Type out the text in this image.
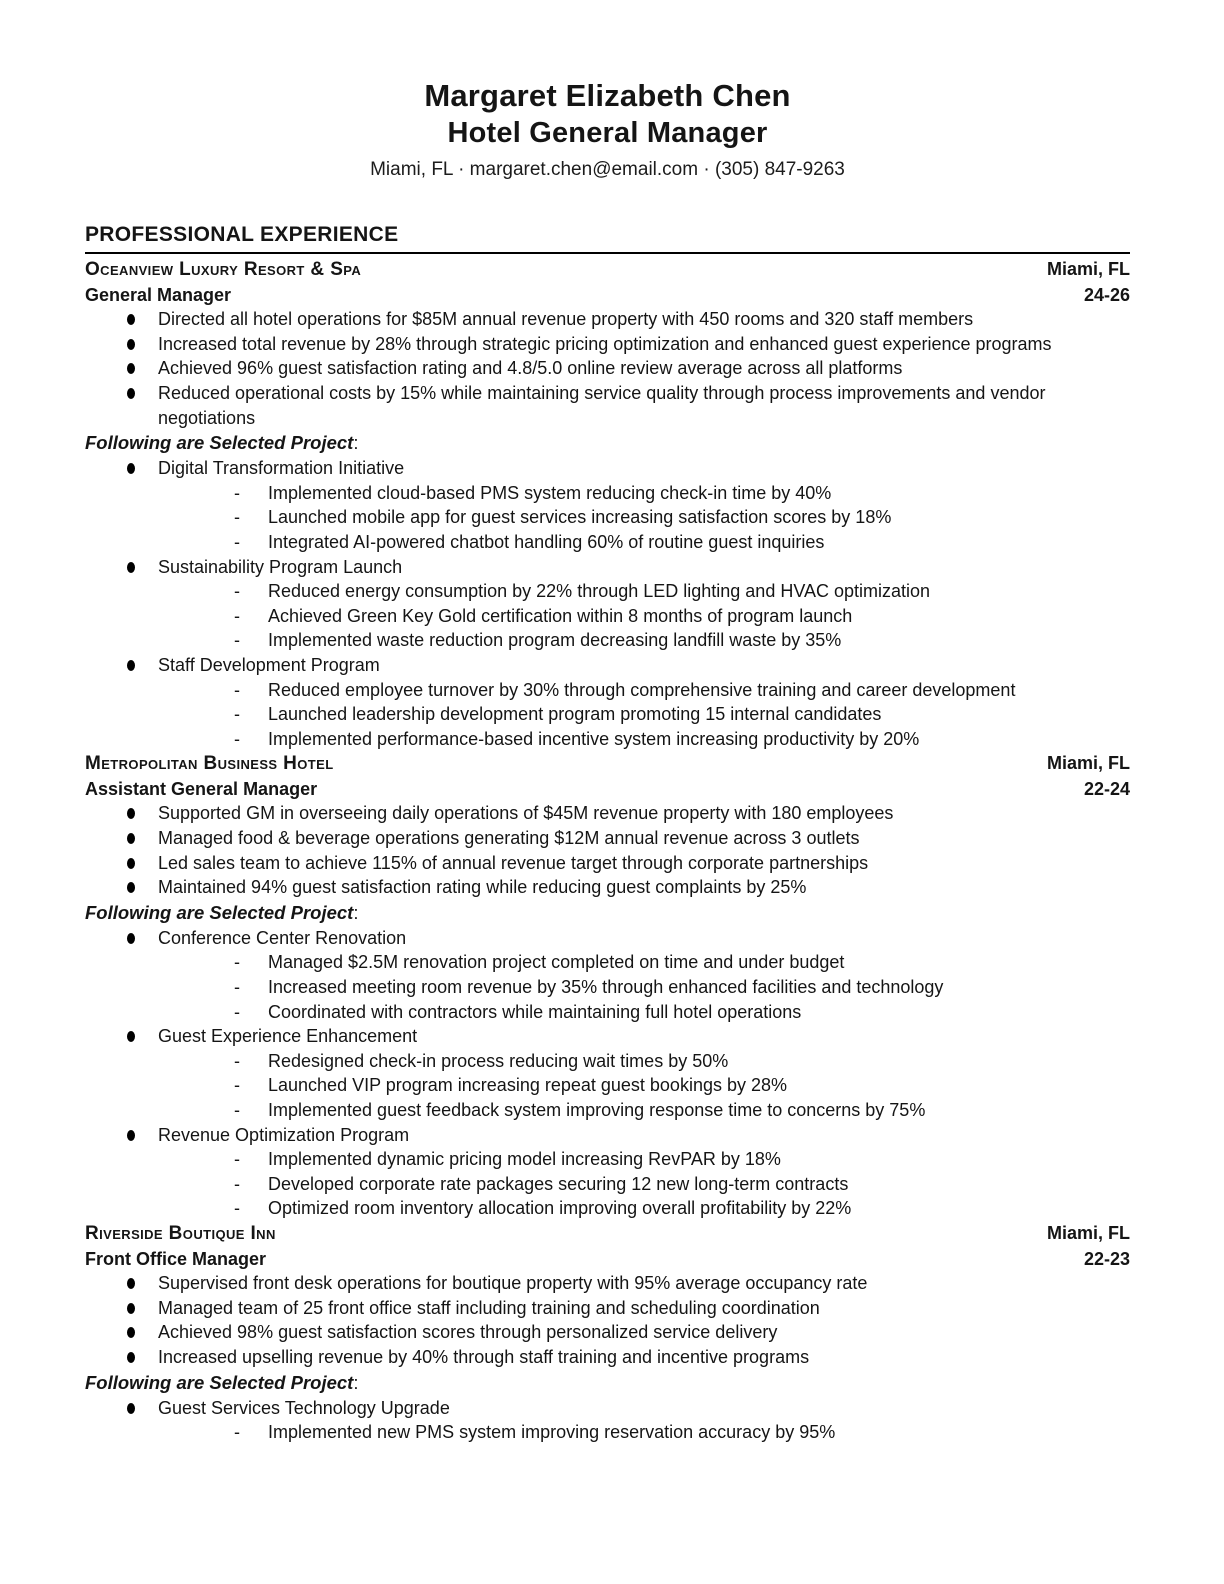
Margaret Elizabeth Chen
Hotel General Manager
Miami, FL · margaret.chen@email.com · (305) 847-9263
PROFESSIONAL EXPERIENCE
Oceanview Luxury Resort & Spa	Miami, FL
General Manager	24-26
Directed all hotel operations for $85M annual revenue property with 450 rooms and 320 staff members
Increased total revenue by 28% through strategic pricing optimization and enhanced guest experience programs
Achieved 96% guest satisfaction rating and 4.8/5.0 online review average across all platforms
Reduced operational costs by 15% while maintaining service quality through process improvements and vendor negotiations
Following are Selected Project:
Digital Transformation Initiative
- Implemented cloud-based PMS system reducing check-in time by 40%
- Launched mobile app for guest services increasing satisfaction scores by 18%
- Integrated AI-powered chatbot handling 60% of routine guest inquiries
Sustainability Program Launch
- Reduced energy consumption by 22% through LED lighting and HVAC optimization
- Achieved Green Key Gold certification within 8 months of program launch
- Implemented waste reduction program decreasing landfill waste by 35%
Staff Development Program
- Reduced employee turnover by 30% through comprehensive training and career development
- Launched leadership development program promoting 15 internal candidates
- Implemented performance-based incentive system increasing productivity by 20%
Metropolitan Business Hotel	Miami, FL
Assistant General Manager	22-24
Supported GM in overseeing daily operations of $45M revenue property with 180 employees
Managed food & beverage operations generating $12M annual revenue across 3 outlets
Led sales team to achieve 115% of annual revenue target through corporate partnerships
Maintained 94% guest satisfaction rating while reducing guest complaints by 25%
Following are Selected Project:
Conference Center Renovation
- Managed $2.5M renovation project completed on time and under budget
- Increased meeting room revenue by 35% through enhanced facilities and technology
- Coordinated with contractors while maintaining full hotel operations
Guest Experience Enhancement
- Redesigned check-in process reducing wait times by 50%
- Launched VIP program increasing repeat guest bookings by 28%
- Implemented guest feedback system improving response time to concerns by 75%
Revenue Optimization Program
- Implemented dynamic pricing model increasing RevPAR by 18%
- Developed corporate rate packages securing 12 new long-term contracts
- Optimized room inventory allocation improving overall profitability by 22%
Riverside Boutique Inn	Miami, FL
Front Office Manager	22-23
Supervised front desk operations for boutique property with 95% average occupancy rate
Managed team of 25 front office staff including training and scheduling coordination
Achieved 98% guest satisfaction scores through personalized service delivery
Increased upselling revenue by 40% through staff training and incentive programs
Following are Selected Project:
Guest Services Technology Upgrade
- Implemented new PMS system improving reservation accuracy by 95%
